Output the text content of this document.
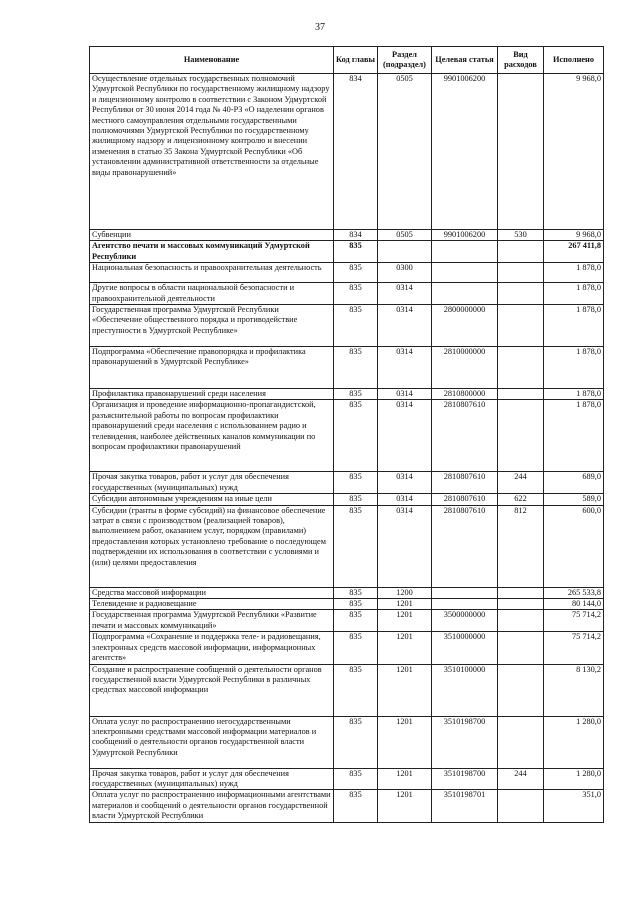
37
Наименование	Код главы	Раздел (подраздел)	Целевая статья	Вид расходов	Исполнено
Осуществление отдельных государственных полномочий Удмуртской Республики по государственному жилищному надзору и лицензионному контролю в соответствии с Законом Удмуртской Республики от 30 июня 2014 года № 40-РЗ «О наделении органов местного самоуправления отдельными государственными полномочиями Удмуртской Республики по государственному жилищному надзору и лицензионному контролю и внесении изменения в статью 35 Закона Удмуртской Республики «Об установлении административной ответственности за отдельные виды правонарушений»	834	0505	9901006200		9 968,0
Субвенции	834	0505	9901006200	530	9 968,0
Агентство печати и массовых коммуникаций Удмуртской Республики	835				267 411,8
Национальная безопасность и правоохранительная деятельность	835	0300			1 878,0
Другие вопросы в области национальной безопасности и правоохранительной деятельности	835	0314			1 878,0
Государственная программа Удмуртской Республики «Обеспечение общественного порядка и противодействие преступности в Удмуртской Республике»	835	0314	2800000000		1 878,0
Подпрограмма «Обеспечение правопорядка и профилактика правонарушений в Удмуртской Республике»	835	0314	2810000000		1 878,0
Профилактика правонарушений среди населения	835	0314	2810800000		1 878,0
Организация и проведение информационно-пропагандистской, разъяснительной работы по вопросам профилактики правонарушений среди населения с использованием радио и телевидения, наиболее действенных каналов коммуникации по вопросам профилактики правонарушений	835	0314	2810807610		1 878,0
Прочая закупка товаров, работ и услуг для обеспечения государственных (муниципальных) нужд	835	0314	2810807610	244	689,0
Субсидии автономным учреждениям на иные цели	835	0314	2810807610	622	589,0
Субсидии (гранты в форме субсидий) на финансовое обеспечение затрат в связи с производством (реализацией товаров), выполнением работ, оказанием услуг, порядком (правилами) предоставления которых установлено требование о последующем подтверждении их использования в соответствии с условиями и (или) целями предоставления	835	0314	2810807610	812	600,0
Средства массовой информации	835	1200			265 533,8
Телевидение и радиовещание	835	1201			80 144,0
Государственная программа Удмуртской Республики «Развитие печати и массовых коммуникаций»	835	1201	3500000000		75 714,2
Подпрограмма «Сохранение и поддержка теле- и радиовещания, электронных средств массовой информации, информационных агентств»	835	1201	3510000000		75 714,2
Создание и распространение сообщений о деятельности органов государственной власти Удмуртской Республики в различных средствах массовой информации	835	1201	3510100000		8 130,2
Оплата услуг по распространению негосударственными электронными средствами массовой информации материалов и сообщений о деятельности органов государственной власти Удмуртской Республики	835	1201	3510198700		1 280,0
Прочая закупка товаров, работ и услуг для обеспечения государственных (муниципальных) нужд	835	1201	3510198700	244	1 280,0
Оплата услуг по распространению информационными агентствами материалов и сообщений о деятельности органов государственной власти Удмуртской Республики	835	1201	3510198701		351,0
